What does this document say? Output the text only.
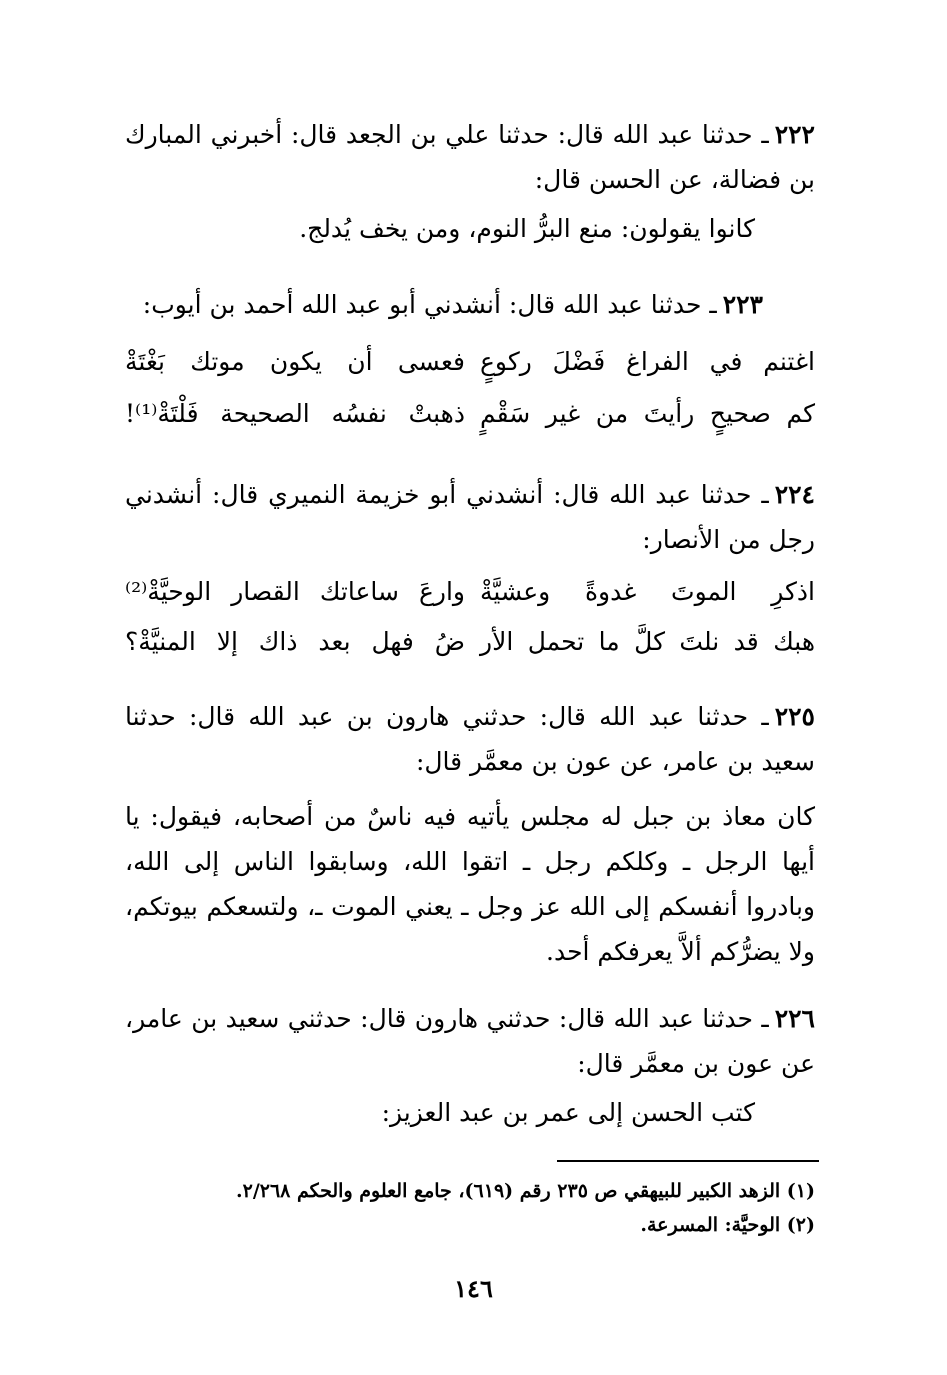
٢٢٢ـ حدثنا عبد الله قال: حدثنا علي بن الجعد قال: أخبرني المبارك بن فضالة، عن الحسن قال:

كانوا يقولون: منع البرُّ النوم، ومن يخف يُدلج.

٢٢٣ـ حدثنا عبد الله قال: أنشدني أبو عبد الله أحمد بن أيوب:

اغتنم في الفراغ فَضْلَ ركوعٍ
فعسى أن يكون موتك بَغْتَةْ
كم صحيحٍ رأيتَ من غير سَقْمٍ
ذهبتْ نفسُه الصحيحة فَلْتَةْ⁽¹⁾!

٢٢٤ـ حدثنا عبد الله قال: أنشدني أبو خزيمة النميري قال: أنشدني رجل من الأنصار:

اذكرِ الموتَ غدوةً وعشيَّةْ
وارعَ ساعاتك القصار الوحيَّةْ⁽²⁾
هبك قد نلتَ كلَّ ما تحمل الأر
ضُ فهل بعد ذاك إلا المنيَّةْ؟

٢٢٥ـ حدثنا عبد الله قال: حدثني هارون بن عبد الله قال: حدثنا سعيد بن عامر، عن عون بن معمَّر قال:

كان معاذ بن جبل له مجلس يأتيه فيه ناسٌ من أصحابه، فيقول: يا أيها الرجل ـ وكلكم رجل ـ اتقوا الله، وسابقوا الناس إلى الله، وبادروا أنفسكم إلى الله عز وجل ـ يعني الموت ـ، ولتسعكم بيوتكم، ولا يضرُّكم ألاَّ يعرفكم أحد.

٢٢٦ـ حدثنا عبد الله قال: حدثني هارون قال: حدثني سعيد بن عامر، عن عون بن معمَّر قال:

كتب الحسن إلى عمر بن عبد العزيز:

(١) الزهد الكبير للبيهقي ص ٢٣٥ رقم (٦١٩)، جامع العلوم والحكم ٢/٢٦٨.
(٢) الوحيَّة: المسرعة.
١٤٦
